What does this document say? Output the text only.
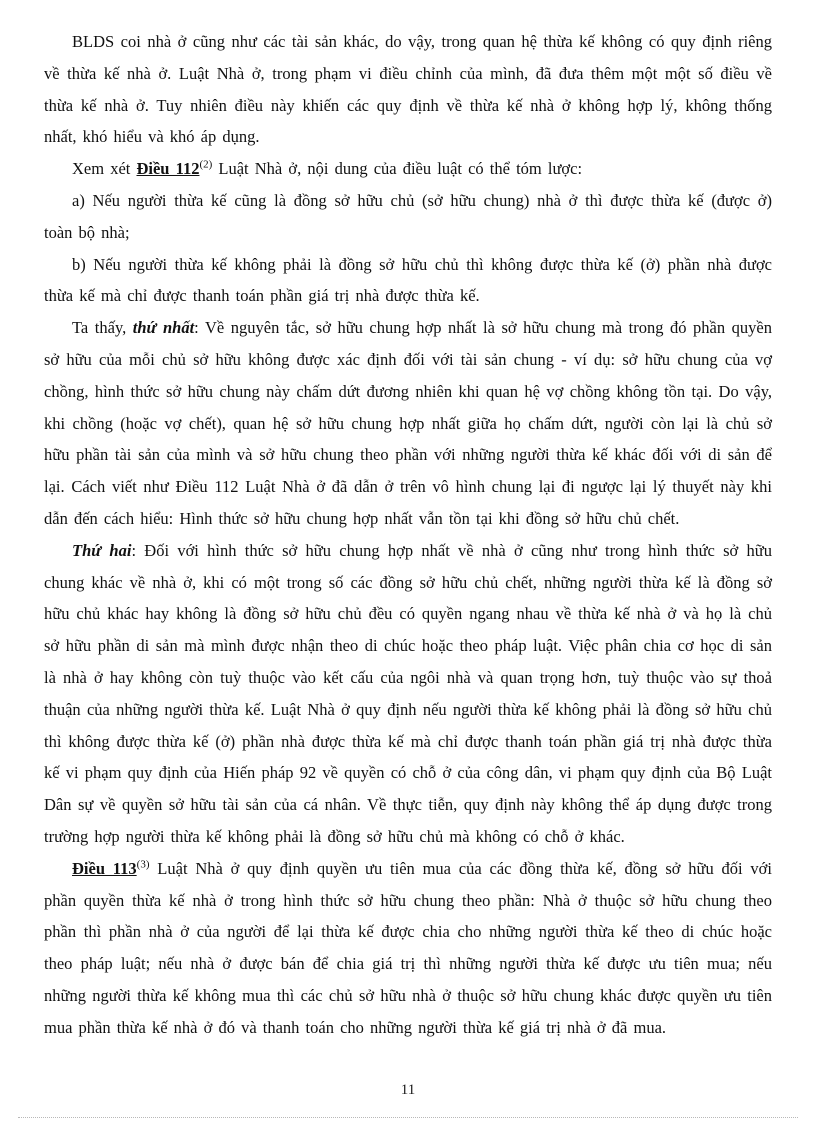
BLDS coi nhà ở cũng như các tài sản khác, do vậy, trong quan hệ thừa kế không có quy định riêng về thừa kế nhà ở. Luật Nhà ở, trong phạm vi điều chỉnh của mình, đã đưa thêm một một số điều về thừa kế nhà ở. Tuy nhiên điều này khiến các quy định về thừa kế nhà ở không hợp lý, không thống nhất, khó hiểu và khó áp dụng.

Xem xét Điều 112$^{(2)}$ Luật Nhà ở, nội dung của điều luật có thể tóm lược:

a) Nếu người thừa kế cũng là đồng sở hữu chủ (sở hữu chung) nhà ở thì được thừa kế (được ở) toàn bộ nhà;

b) Nếu người thừa kế không phải là đồng sở hữu chủ thì không được thừa kế (ở) phần nhà được thừa kế mà chỉ được thanh toán phần giá trị nhà được thừa kế.

Ta thấy, thứ nhất: Về nguyên tắc, sở hữu chung hợp nhất là sở hữu chung mà trong đó phần quyền sở hữu của mỗi chủ sở hữu không được xác định đối với tài sản chung - ví dụ: sở hữu chung của vợ chồng, hình thức sở hữu chung này chấm dứt đương nhiên khi quan hệ vợ chồng không tồn tại. Do vậy, khi chồng (hoặc vợ chết), quan hệ sở hữu chung hợp nhất giữa họ chấm dứt, người còn lại là chủ sở hữu phần tài sản của mình và sở hữu chung theo phần với những người thừa kế khác đối với di sản để lại. Cách viết như Điều 112 Luật Nhà ở đã dẫn ở trên vô hình chung lại đi ngược lại lý thuyết này khi dẫn đến cách hiểu: Hình thức sở hữu chung hợp nhất vẫn tồn tại khi đồng sở hữu chủ chết.

Thứ hai: Đối với hình thức sở hữu chung hợp nhất về nhà ở cũng như trong hình thức sở hữu chung khác về nhà ở, khi có một trong số các đồng sở hữu chủ chết, những người thừa kế là đồng sở hữu chủ khác hay không là đồng sở hữu chủ đều có quyền ngang nhau về thừa kế nhà ở và họ là chủ sở hữu phần di sản mà mình được nhận theo di chúc hoặc theo pháp luật. Việc phân chia cơ học di sản là nhà ở hay không còn tuỳ thuộc vào kết cấu của ngôi nhà và quan trọng hơn, tuỳ thuộc vào sự thoả thuận của những người thừa kế. Luật Nhà ở quy định nếu người thừa kế không phải là đồng sở hữu chủ thì không được thừa kế (ở) phần nhà được thừa kế mà chỉ được thanh toán phần giá trị nhà được thừa kế vi phạm quy định của Hiến pháp 92 về quyền có chỗ ở của công dân, vi phạm quy định của Bộ Luật Dân sự về quyền sở hữu tài sản của cá nhân. Về thực tiễn, quy định này không thể áp dụng được trong trường hợp người thừa kế không phải là đồng sở hữu chủ mà không có chỗ ở khác.

Điều 113$^{(3)}$ Luật Nhà ở quy định quyền ưu tiên mua của các đồng thừa kế, đồng sở hữu đối với phần quyền thừa kế nhà ở trong hình thức sở hữu chung theo phần: Nhà ở thuộc sở hữu chung theo phần thì phần nhà ở của người để lại thừa kế được chia cho những người thừa kế theo di chúc hoặc theo pháp luật; nếu nhà ở được bán để chia giá trị thì những người thừa kế được ưu tiên mua; nếu những người thừa kế không mua thì các chủ sở hữu nhà ở thuộc sở hữu chung khác được quyền ưu tiên mua phần thừa kế nhà ở đó và thanh toán cho những người thừa kế giá trị nhà ở đã mua.

11
